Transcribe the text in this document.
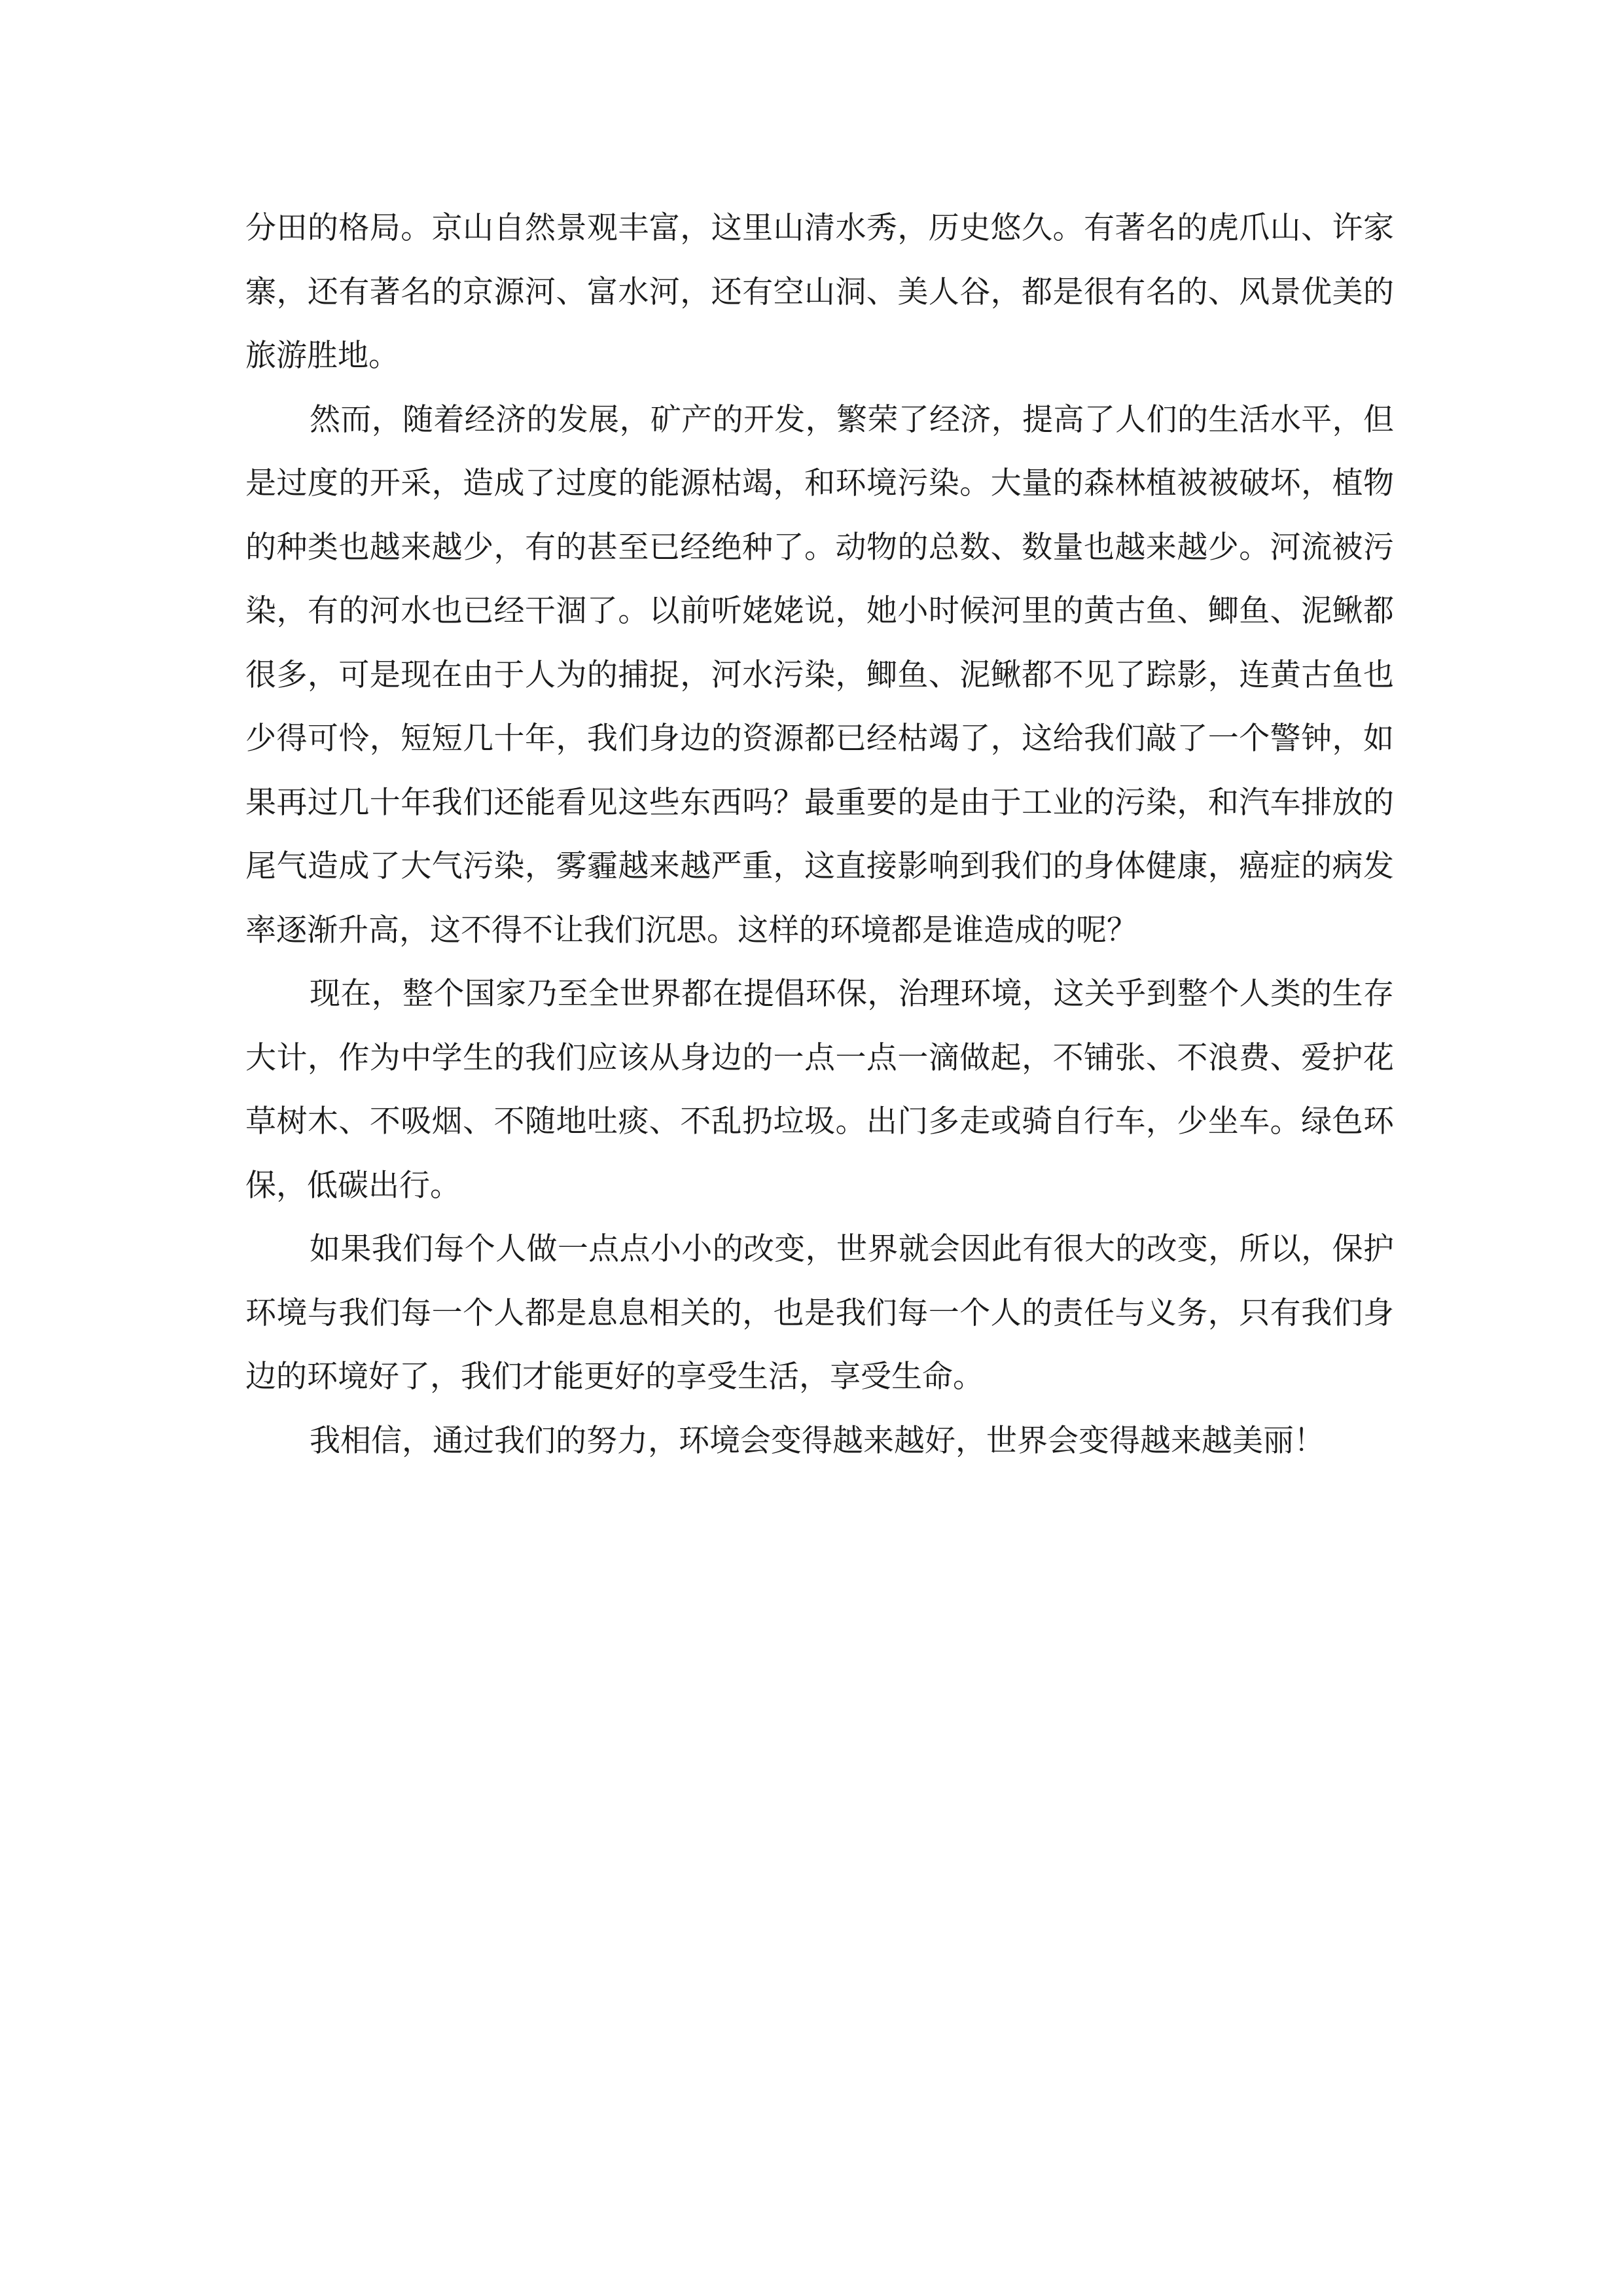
分田的格局。京山自然景观丰富，这里山清水秀，历史悠久。有著名的虎爪山、许家寨，还有著名的京源河、富水河，还有空山洞、美人谷，都是很有名的、风景优美的旅游胜地。

然而，随着经济的发展，矿产的开发，繁荣了经济，提高了人们的生活水平，但是过度的开采，造成了过度的能源枯竭，和环境污染。大量的森林植被被破坏，植物的种类也越来越少，有的甚至已经绝种了。动物的总数、数量也越来越少。河流被污染，有的河水也已经干涸了。以前听姥姥说，她小时候河里的黄古鱼、鲫鱼、泥鳅都很多，可是现在由于人为的捕捉，河水污染，鲫鱼、泥鳅都不见了踪影，连黄古鱼也少得可怜，短短几十年，我们身边的资源都已经枯竭了，这给我们敲了一个警钟，如果再过几十年我们还能看见这些东西吗？最重要的是由于工业的污染，和汽车排放的尾气造成了大气污染，雾霾越来越严重，这直接影响到我们的身体健康，癌症的病发率逐渐升高，这不得不让我们沉思。这样的环境都是谁造成的呢？

现在，整个国家乃至全世界都在提倡环保，治理环境，这关乎到整个人类的生存大计，作为中学生的我们应该从身边的一点一点一滴做起，不铺张、不浪费、爱护花草树木、不吸烟、不随地吐痰、不乱扔垃圾。出门多走或骑自行车，少坐车。绿色环保，低碳出行。

如果我们每个人做一点点小小的改变，世界就会因此有很大的改变，所以，保护环境与我们每一个人都是息息相关的，也是我们每一个人的责任与义务，只有我们身边的环境好了，我们才能更好的享受生活，享受生命。

我相信，通过我们的努力，环境会变得越来越好，世界会变得越来越美丽！
